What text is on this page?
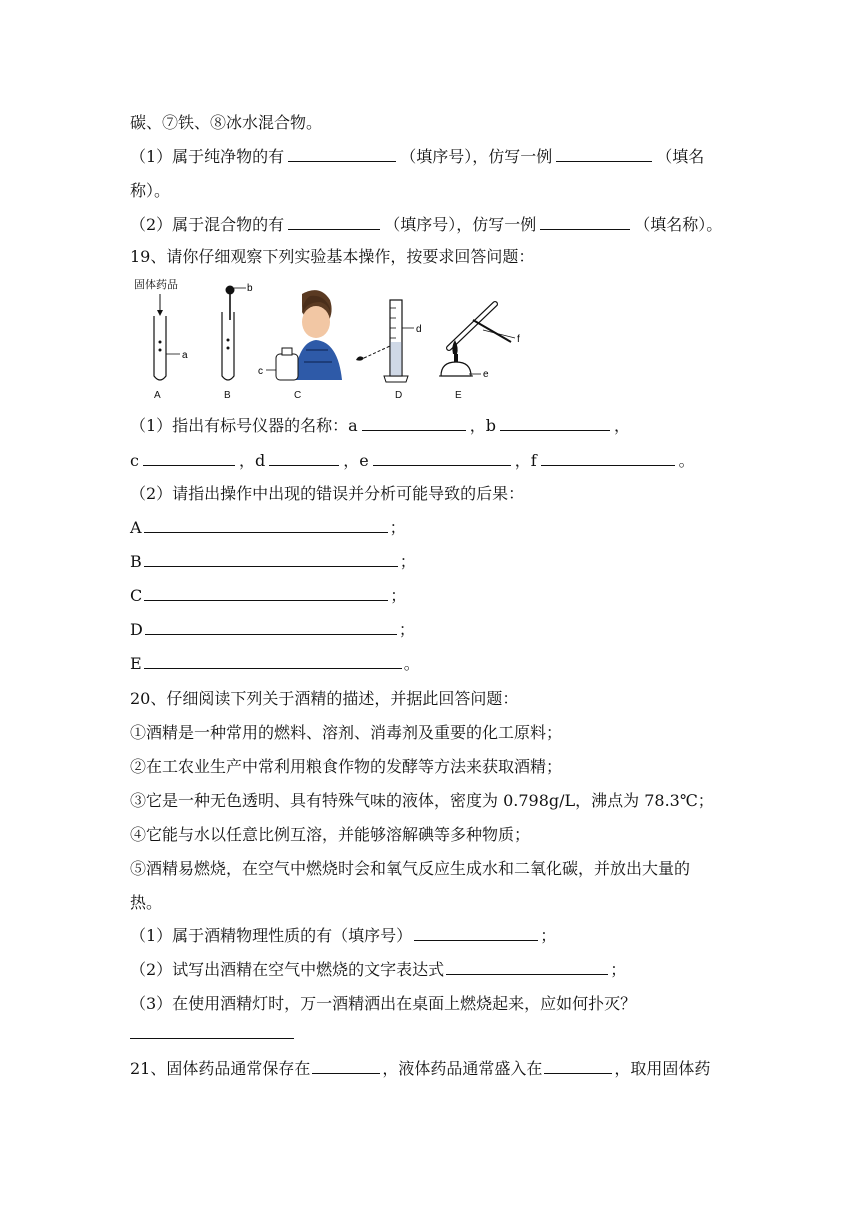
碳、⑦铁、⑧冰水混合物。
（1）属于纯净物的有	（填序号），仿写一例	（填名
称）。
（2）属于混合物的有	（填序号），仿写一例	（填名称）。
19、请你仔细观察下列实验基本操作，按要求回答问题：
固体药品
a
b
c
d
f
e
A	B	C	D	E
（1）指出有标号仪器的名称：a	，b	，
c	，d	，e	，f	。
（2）请指出操作中出现的错误并分析可能导致的后果：
A	；
B	；
C	；
D	；
E	。
20、仔细阅读下列关于酒精的描述，并据此回答问题：
①酒精是一种常用的燃料、溶剂、消毒剂及重要的化工原料；
②在工农业生产中常利用粮食作物的发酵等方法来获取酒精；
③它是一种无色透明、具有特殊气味的液体，密度为 0.798g/L，沸点为 78.3℃；
④它能与水以任意比例互溶，并能够溶解碘等多种物质；
⑤酒精易燃烧，在空气中燃烧时会和氧气反应生成水和二氧化碳，并放出大量的
热。
（1）属于酒精物理性质的有（填序号）	；
（2）试写出酒精在空气中燃烧的文字表达式	；
（3）在使用酒精灯时，万一酒精洒出在桌面上燃烧起来，应如何扑灭？
21、固体药品通常保存在	，液体药品通常盛入在	，取用固体药
